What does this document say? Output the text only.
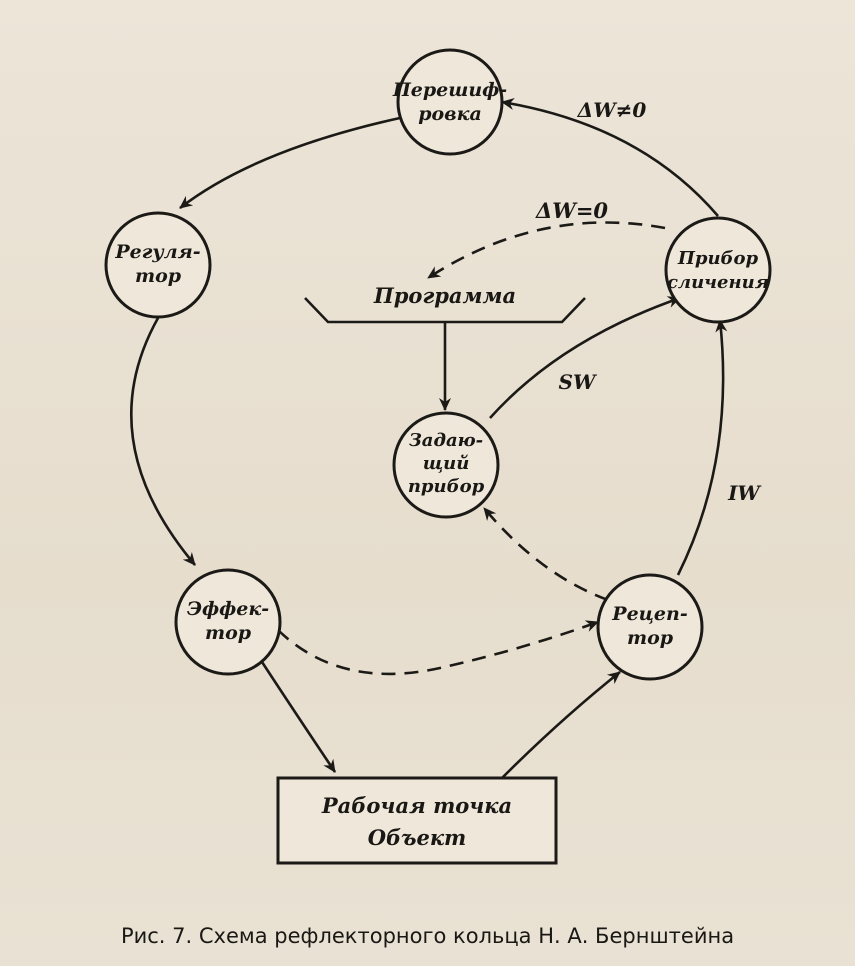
Программа
Перешиф-ровка
Регуля-тор
Прибор сличения
Задаю-щий прибор
Эффек-тор
Рецеп-тор
Рабочая точка Объект
ΔW≠0
ΔW=0
SW
IW
Рис. 7. Схема рефлекторного кольца Н. А. Бернштейна
